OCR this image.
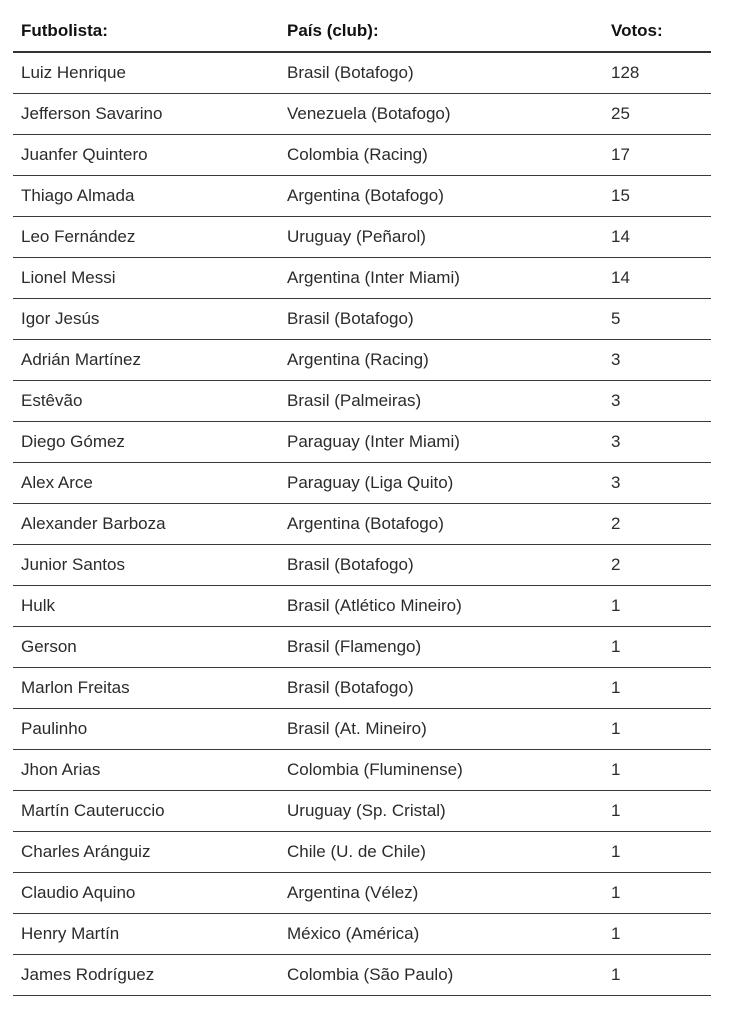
Futbolista:	País (club):	Votos:
Luiz Henrique	Brasil (Botafogo)	128
Jefferson Savarino	Venezuela (Botafogo)	25
Juanfer Quintero	Colombia (Racing)	17
Thiago Almada	Argentina (Botafogo)	15
Leo Fernández	Uruguay (Peñarol)	14
Lionel Messi	Argentina (Inter Miami)	14
Igor Jesús	Brasil (Botafogo)	5
Adrián Martínez	Argentina (Racing)	3
Estêvão	Brasil (Palmeiras)	3
Diego Gómez	Paraguay (Inter Miami)	3
Alex Arce	Paraguay (Liga Quito)	3
Alexander Barboza	Argentina (Botafogo)	2
Junior Santos	Brasil (Botafogo)	2
Hulk	Brasil (Atlético Mineiro)	1
Gerson	Brasil (Flamengo)	1
Marlon Freitas	Brasil (Botafogo)	1
Paulinho	Brasil (At. Mineiro)	1
Jhon Arias	Colombia (Fluminense)	1
Martín Cauteruccio	Uruguay (Sp. Cristal)	1
Charles Aránguiz	Chile (U. de Chile)	1
Claudio Aquino	Argentina (Vélez)	1
Henry Martín	México (América)	1
James Rodríguez	Colombia (São Paulo)	1
